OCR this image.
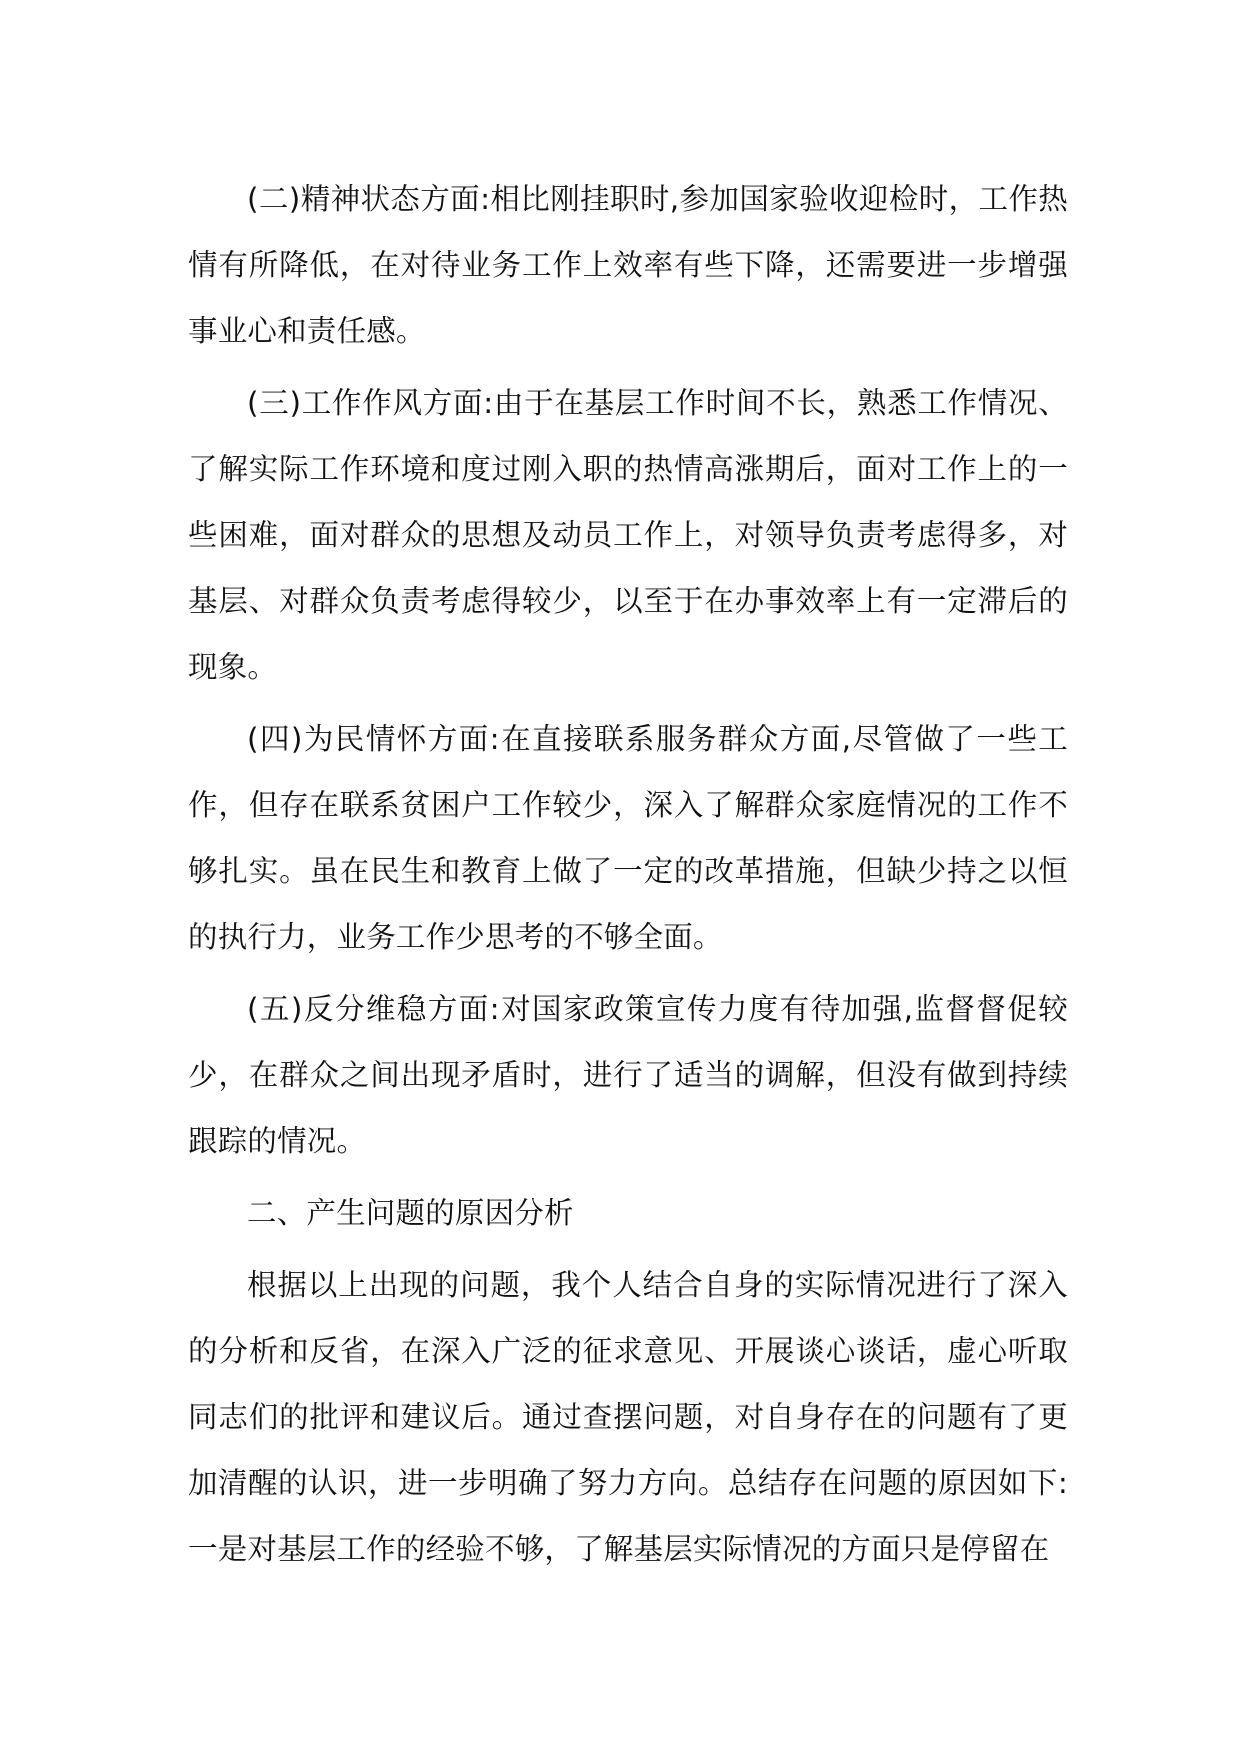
(二)精神状态方面:相比刚挂职时,参加国家验收迎检时，工作热情有所降低，在对待业务工作上效率有些下降，还需要进一步增强事业心和责任感。

(三)工作作风方面:由于在基层工作时间不长，熟悉工作情况、了解实际工作环境和度过刚入职的热情高涨期后，面对工作上的一些困难，面对群众的思想及动员工作上，对领导负责考虑得多，对基层、对群众负责考虑得较少，以至于在办事效率上有一定滞后的现象。

(四)为民情怀方面:在直接联系服务群众方面,尽管做了一些工作，但存在联系贫困户工作较少，深入了解群众家庭情况的工作不够扎实。虽在民生和教育上做了一定的改革措施，但缺少持之以恒的执行力，业务工作少思考的不够全面。

(五)反分维稳方面:对国家政策宣传力度有待加强,监督督促较少，在群众之间出现矛盾时，进行了适当的调解，但没有做到持续跟踪的情况。

二、产生问题的原因分析

根据以上出现的问题，我个人结合自身的实际情况进行了深入的分析和反省，在深入广泛的征求意见、开展谈心谈话，虚心听取同志们的批评和建议后。通过查摆问题，对自身存在的问题有了更加清醒的认识，进一步明确了努力方向。总结存在问题的原因如下:一是对基层工作的经验不够，了解基层实际情况的方面只是停留在
